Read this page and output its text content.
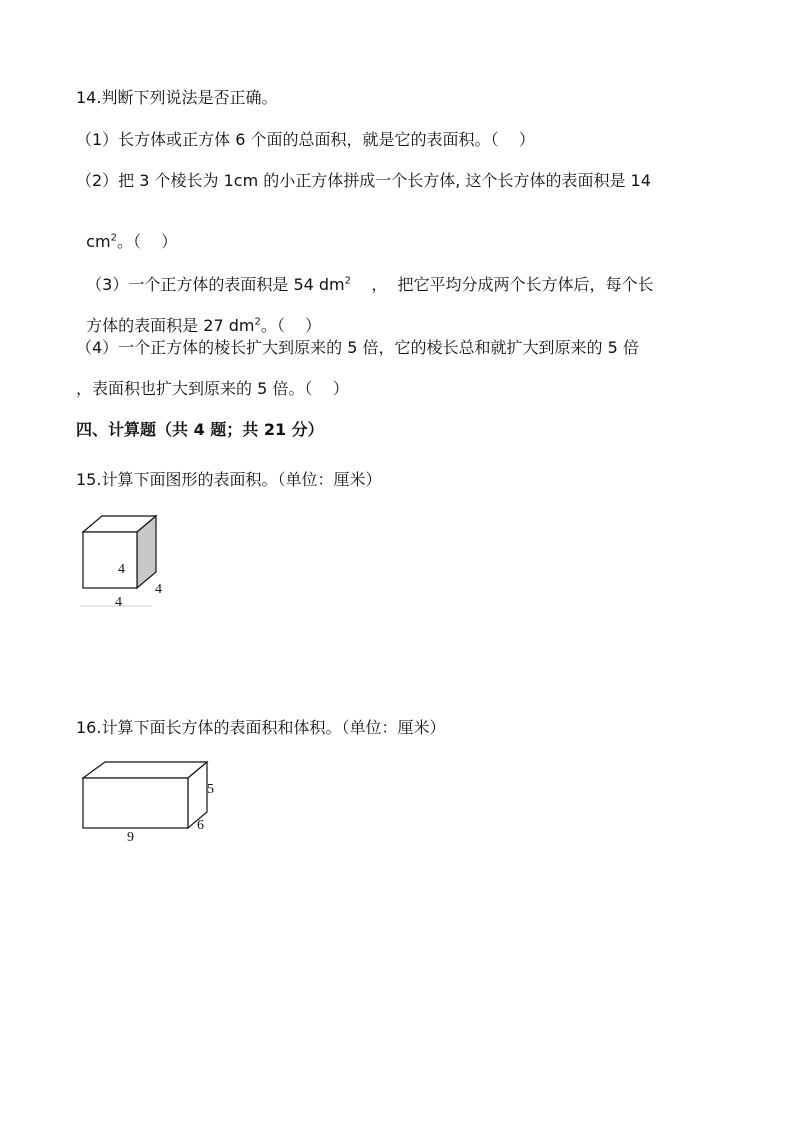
14.判断下列说法是否正确。
（1）长方体或正方体 6 个面的总面积，就是它的表面积。（    ）
（2）把 3 个棱长为 1cm 的小正方体拼成一个长方体, 这个长方体的表面积是 14

$cm^2$。（    ）

（3）一个正方体的表面积是 54 $dm^2$    ，  把它平均分成两个长方体后，每个长

方体的表面积是 27 $dm^2$。（    ）

（4）一个正方体的棱长扩大到原来的 5 倍，它的棱长总和就扩大到原来的 5 倍
，表面积也扩大到原来的 5 倍。（    ）
四、计算题（共 4 题；共 21 分）
15.计算下面图形的表面积。（单位：厘米）
4
4
4
16.计算下面长方体的表面积和体积。（单位：厘米）
5
6
9
